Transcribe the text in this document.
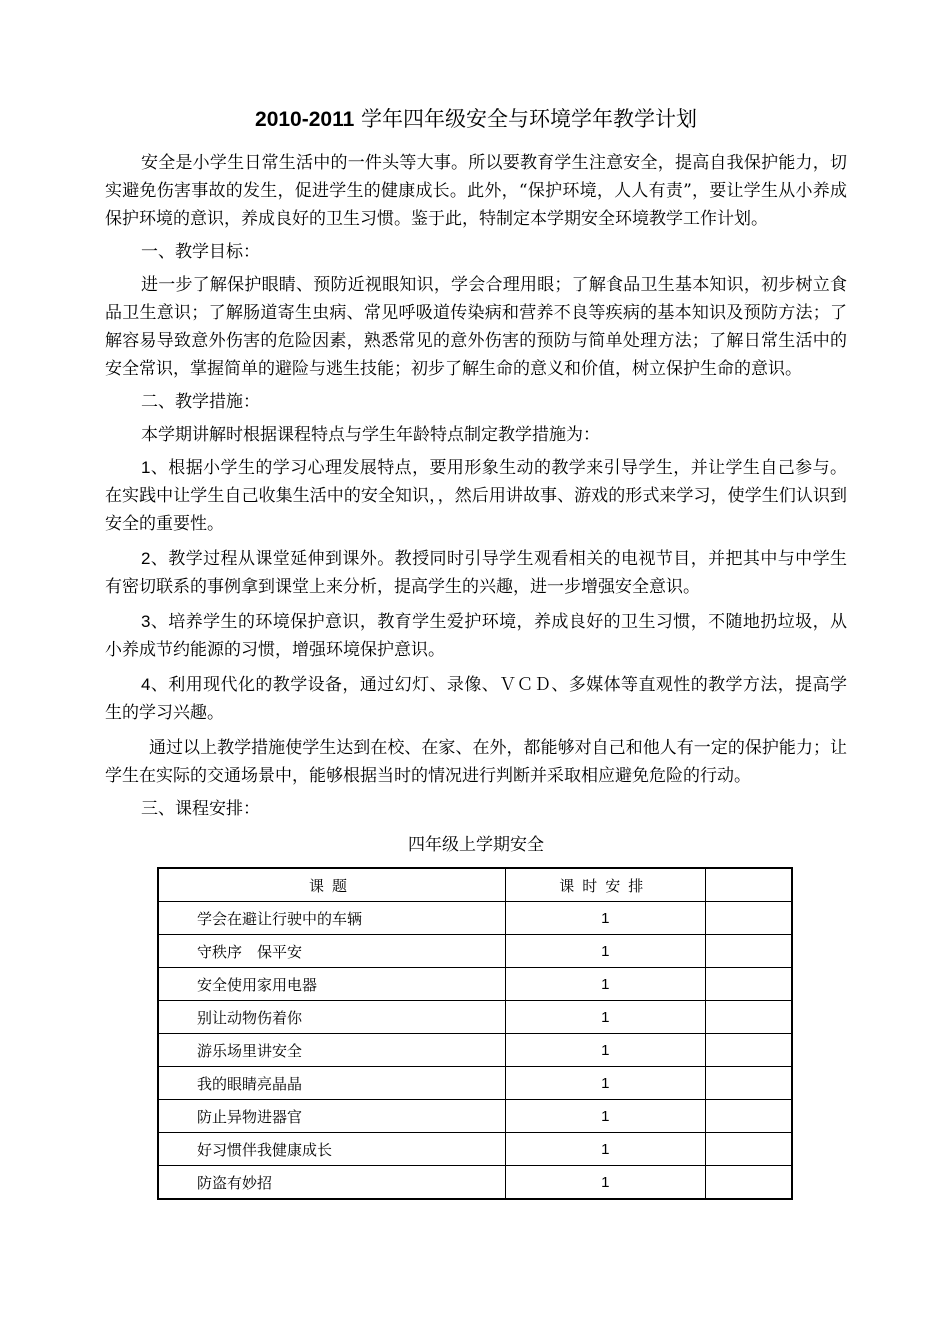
2010-2011 学年四年级安全与环境学年教学计划

安全是小学生日常生活中的一件头等大事。所以要教育学生注意安全，提高自我保护能力，切实避免伤害事故的发生，促进学生的健康成长。此外，“保护环境，人人有责”，要让学生从小养成保护环境的意识，养成良好的卫生习惯。鉴于此，特制定本学期安全环境教学工作计划。

一、教学目标：

进一步了解保护眼睛、预防近视眼知识，学会合理用眼；了解食品卫生基本知识，初步树立食品卫生意识；了解肠道寄生虫病、常见呼吸道传染病和营养不良等疾病的基本知识及预防方法；了解容易导致意外伤害的危险因素，熟悉常见的意外伤害的预防与简单处理方法；了解日常生活中的安全常识，掌握简单的避险与逃生技能；初步了解生命的意义和价值，树立保护生命的意识。

二、教学措施：

本学期讲解时根据课程特点与学生年龄特点制定教学措施为：

1、根据小学生的学习心理发展特点，要用形象生动的教学来引导学生，并让学生自己参与。在实践中让学生自己收集生活中的安全知识，，然后用讲故事、游戏的形式来学习，使学生们认识到安全的重要性。

2、教学过程从课堂延伸到课外。教授同时引导学生观看相关的电视节目，并把其中与中学生有密切联系的事例拿到课堂上来分析，提高学生的兴趣，进一步增强安全意识。

3、培养学生的环境保护意识，教育学生爱护环境，养成良好的卫生习惯，不随地扔垃圾，从小养成节约能源的习惯，增强环境保护意识。

4、利用现代化的教学设备，通过幻灯、录像、ＶＣＤ、多媒体等直观性的教学方法，提高学生的学习兴趣。

通过以上教学措施使学生达到在校、在家、在外，都能够对自己和他人有一定的保护能力；让学生在实际的交通场景中，能够根据当时的情况进行判断并采取相应避免危险的行动。

三、课程安排：

四年级上学期安全
课题	课时安排	
学会在避让行驶中的车辆	1	
守秩序　保平安	1	
安全使用家用电器	1	
别让动物伤着你	1	
游乐场里讲安全	1	
我的眼睛亮晶晶	1	
防止异物进器官	1	
好习惯伴我健康成长	1	
防盗有妙招	1	
